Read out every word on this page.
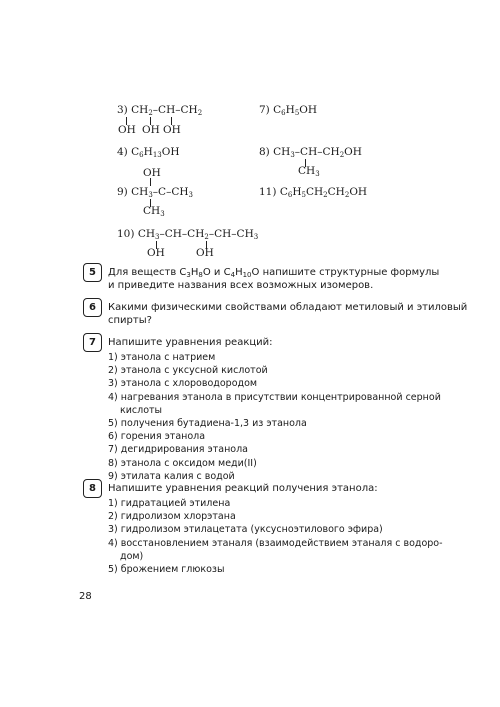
3) $CH_2-CH-CH_2$
OH OH OH
7) $C_6H_5OH$
4) $C_6H_{13}OH$	8) $CH_3-CH-CH_2OH$
$CH_3$
OH
9) $CH_3-C-CH_3$
$CH_3$
11) $C_6H_5CH_2CH_2OH$
10) $CH_3-CH-CH_2-CH-CH_3$
OH	OH
5	Для веществ $C_3H_8O$ и $C_4H_{10}O$ напишите структурные формулы
и приведите названия всех возможных изомеров.
6	Какими физическими свойствами обладают метиловый и этиловый
спирты?
7	Напишите уравнения реакций:
1) этанола с натрием
2) этанола с уксусной кислотой
3) этанола с хлороводородом
4) нагревания этанола в присутствии концентрированной серной
кислоты
5) получения бутадиена-1,3 из этанола
6) горения этанола
7) дегидрирования этанола
8) этанола с оксидом меди(II)
9) этилата калия с водой
8	Напишите уравнения реакций получения этанола:
1) гидратацией этилена
2) гидролизом хлорэтана
3) гидролизом этилацетата (уксусноэтилового эфира)
4) восстановлением этаналя (взаимодействием этаналя с водоро-
дом)
5) брожением глюкозы
28
